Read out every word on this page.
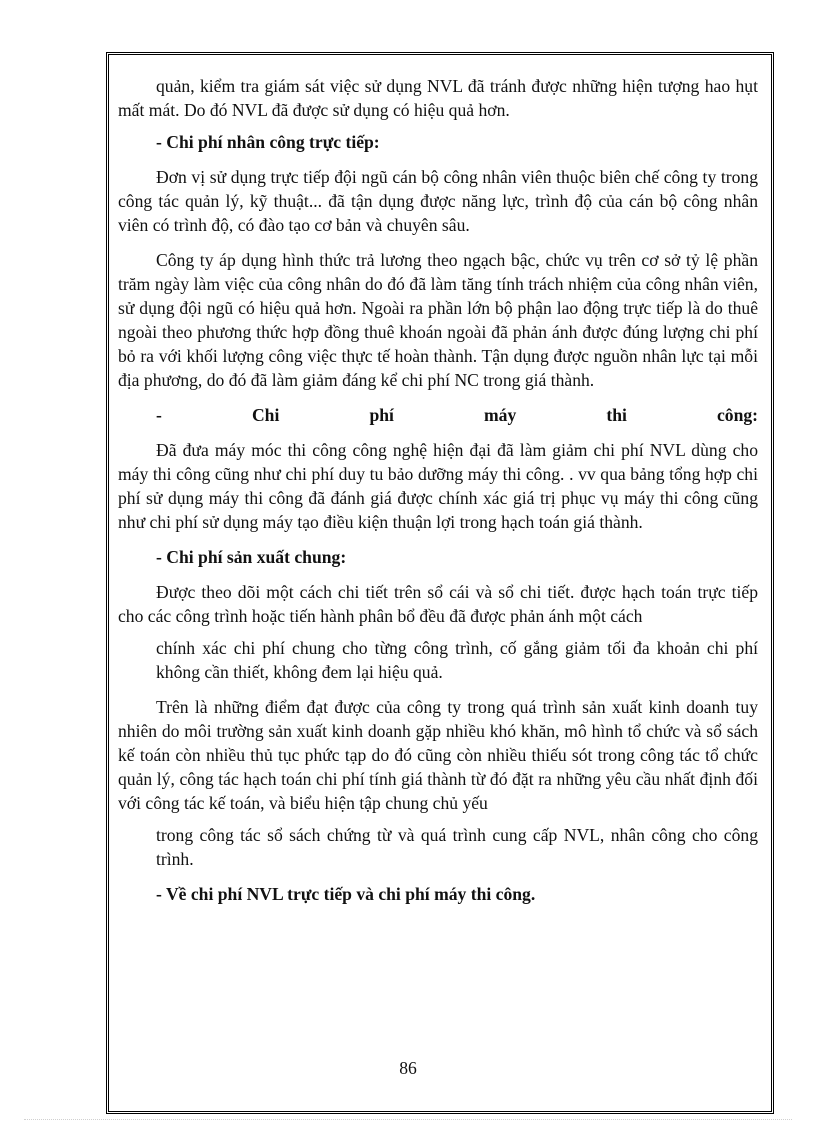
quản, kiểm tra giám sát việc sử dụng NVL đã tránh được những hiện tượng hao hụt mất mát. Do đó NVL đã được sử dụng có hiệu quả hơn.

- Chi phí nhân công trực tiếp:

Đơn vị sử dụng trực tiếp đội ngũ cán bộ công nhân viên thuộc biên chế công ty trong công tác quản lý, kỹ thuật... đã tận dụng được năng lực, trình độ của cán bộ công nhân viên có trình độ, có đào tạo cơ bản và chuyên sâu.

Công ty áp dụng hình thức trả lương theo ngạch bậc, chức vụ trên cơ sở tỷ lệ phần trăm ngày làm việc của công nhân do đó đã làm tăng tính trách nhiệm của công nhân viên, sử dụng đội ngũ có hiệu quả hơn. Ngoài ra phần lớn bộ phận lao động trực tiếp là do thuê ngoài theo phương thức hợp đồng thuê khoán ngoài đã phản ánh được đúng lượng chi phí bỏ ra với khối lượng công việc thực tế hoàn thành. Tận dụng được nguồn nhân lực tại mỗi địa phương, do đó đã làm giảm đáng kể chi phí NC trong giá thành.

-	Chi	phí	máy	thi	công:

Đã đưa máy móc thi công công nghệ hiện đại đã làm giảm chi phí NVL dùng cho máy thi công cũng như chi phí duy tu bảo dưỡng máy thi công. . vv qua bảng tổng hợp chi phí sử dụng máy thi công đã đánh giá được chính xác giá trị phục vụ máy thi công cũng như chi phí sử dụng máy tạo điều kiện thuận lợi trong hạch toán giá thành.

- Chi phí sản xuất chung:

Được theo dõi một cách chi tiết trên sổ cái và sổ chi tiết. được hạch toán trực tiếp cho các công trình hoặc tiến hành phân bổ đều đã được phản ánh một cách

chính xác chi phí chung cho từng công trình, cố gắng giảm tối đa khoản chi phí không cần thiết, không đem lại hiệu quả.

Trên là những điểm đạt được của công ty trong quá trình sản xuất kinh doanh tuy nhiên do môi trường sản xuất kinh doanh gặp nhiều khó khăn, mô hình tổ chức và sổ sách kế toán còn nhiều thủ tục phức tạp do đó cũng còn nhiều thiếu sót trong công tác tổ chức quản lý, công tác hạch toán chi phí tính giá thành từ đó đặt ra những yêu cầu nhất định đối với công tác kế toán, và biểu hiện tập chung chủ yếu

trong công tác sổ sách chứng từ và quá trình cung cấp NVL, nhân công cho công trình.

- Về chi phí NVL trực tiếp và chi phí máy thi công.

86
